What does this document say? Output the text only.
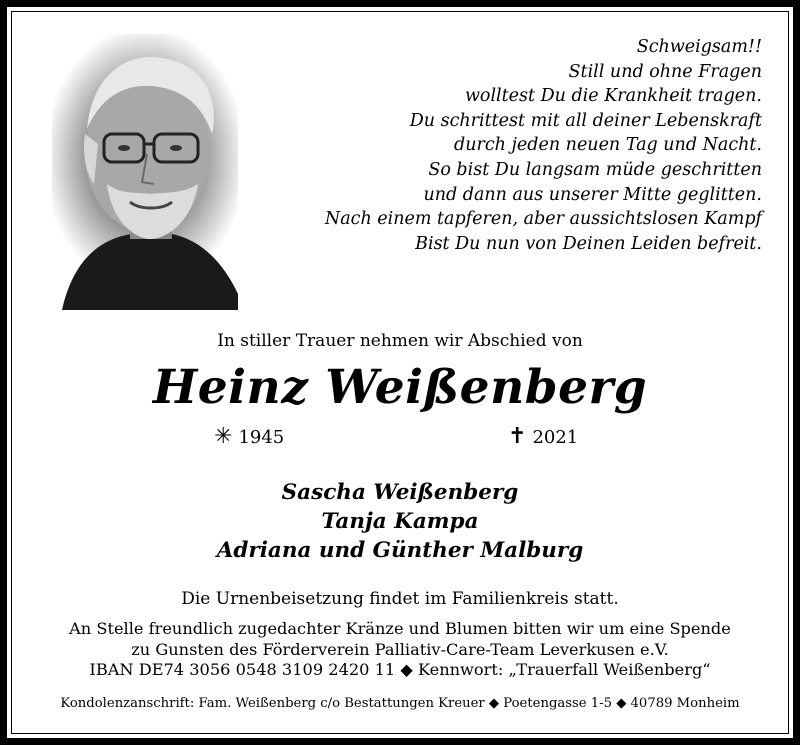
Schweigsam!!
Still und ohne Fragen
wolltest Du die Krankheit tragen.
Du schrittest mit all deiner Lebenskraft
durch jeden neuen Tag und Nacht.
So bist Du langsam müde geschritten
und dann aus unserer Mitte geglitten.
Nach einem tapferen, aber aussichtslosen Kampf
Bist Du nun von Deinen Leiden befreit.
In stiller Trauer nehmen wir Abschied von
Heinz Weißenberg
✳ 1945	✝ 2021
Sascha Weißenberg
Tanja Kampa
Adriana und Günther Malburg
Die Urnenbeisetzung findet im Familienkreis statt.
An Stelle freundlich zugedachter Kränze und Blumen bitten wir um eine Spende
zu Gunsten des Förderverein Palliativ-Care-Team Leverkusen e.V.
IBAN DE74 3056 0548 3109 2420 11 ◆ Kennwort: „Trauerfall Weißenberg“
Kondolenzanschrift: Fam. Weißenberg c/o Bestattungen Kreuer ◆ Poetengasse 1-5 ◆ 40789 Monheim
